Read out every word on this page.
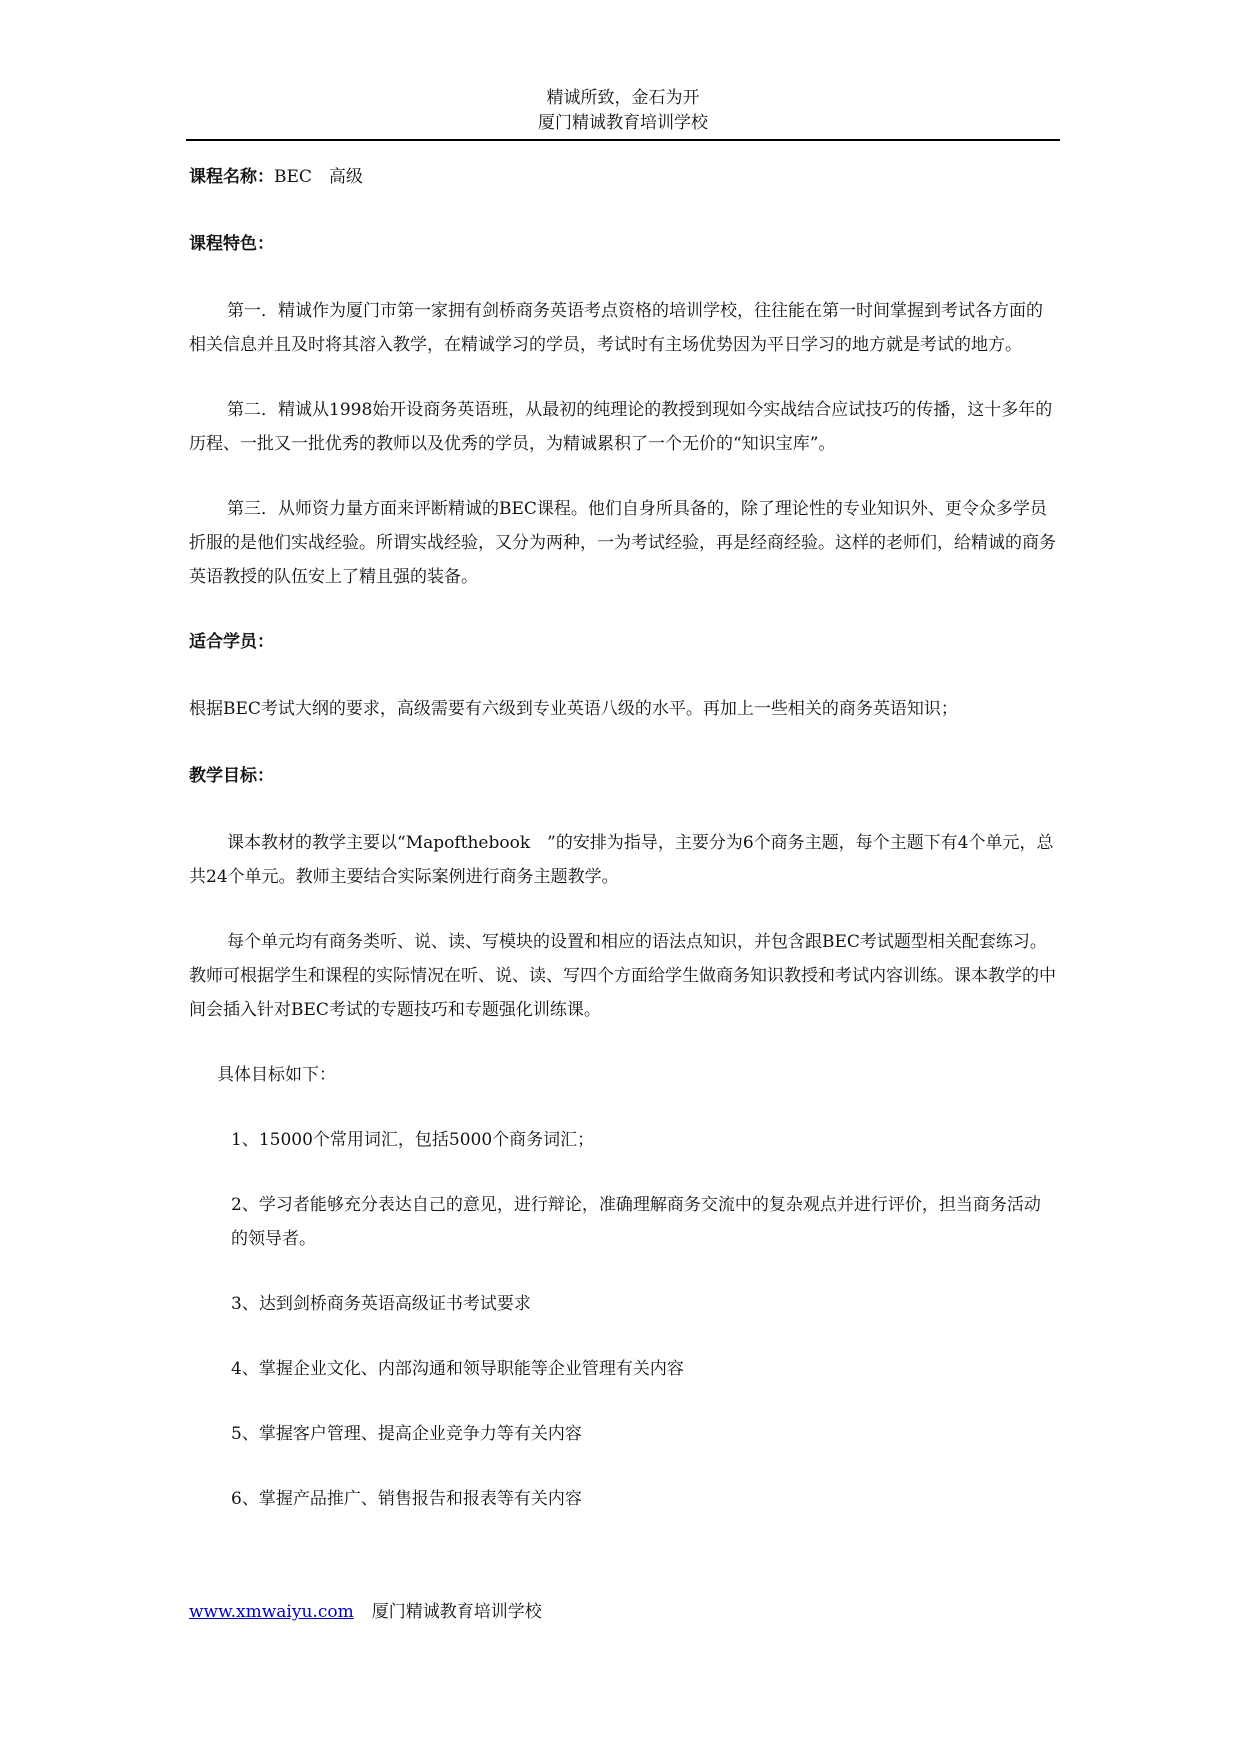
精诚所致，金石为开
厦门精诚教育培训学校

课程名称：BEC　高级

课程特色：

第一．精诚作为厦门市第一家拥有剑桥商务英语考点资格的培训学校，往往能在第一时间掌握到考试各方面的相关信息并且及时将其溶入教学，在精诚学习的学员，考试时有主场优势因为平日学习的地方就是考试的地方。

第二．精诚从1998始开设商务英语班，从最初的纯理论的教授到现如今实战结合应试技巧的传播，这十多年的历程、一批又一批优秀的教师以及优秀的学员，为精诚累积了一个无价的“知识宝库”。

第三．从师资力量方面来评断精诚的BEC课程。他们自身所具备的，除了理论性的专业知识外、更令众多学员折服的是他们实战经验。所谓实战经验，又分为两种，一为考试经验，再是经商经验。这样的老师们，给精诚的商务英语教授的队伍安上了精且强的装备。

适合学员：

根据BEC考试大纲的要求，高级需要有六级到专业英语八级的水平。再加上一些相关的商务英语知识；

教学目标：

课本教材的教学主要以“Mapofthebook　”的安排为指导，主要分为6个商务主题，每个主题下有4个单元，总共24个单元。教师主要结合实际案例进行商务主题教学。

每个单元均有商务类听、说、读、写模块的设置和相应的语法点知识，并包含跟BEC考试题型相关配套练习。教师可根据学生和课程的实际情况在听、说、读、写四个方面给学生做商务知识教授和考试内容训练。课本教学的中间会插入针对BEC考试的专题技巧和专题强化训练课。

具体目标如下：

1、15000个常用词汇，包括5000个商务词汇；

2、学习者能够充分表达自己的意见，进行辩论，准确理解商务交流中的复杂观点并进行评价，担当商务活动的领导者。

3、达到剑桥商务英语高级证书考试要求

4、掌握企业文化、内部沟通和领导职能等企业管理有关内容

5、掌握客户管理、提高企业竞争力等有关内容

6、掌握产品推广、销售报告和报表等有关内容

www.xmwaiyu.com 厦门精诚教育培训学校
